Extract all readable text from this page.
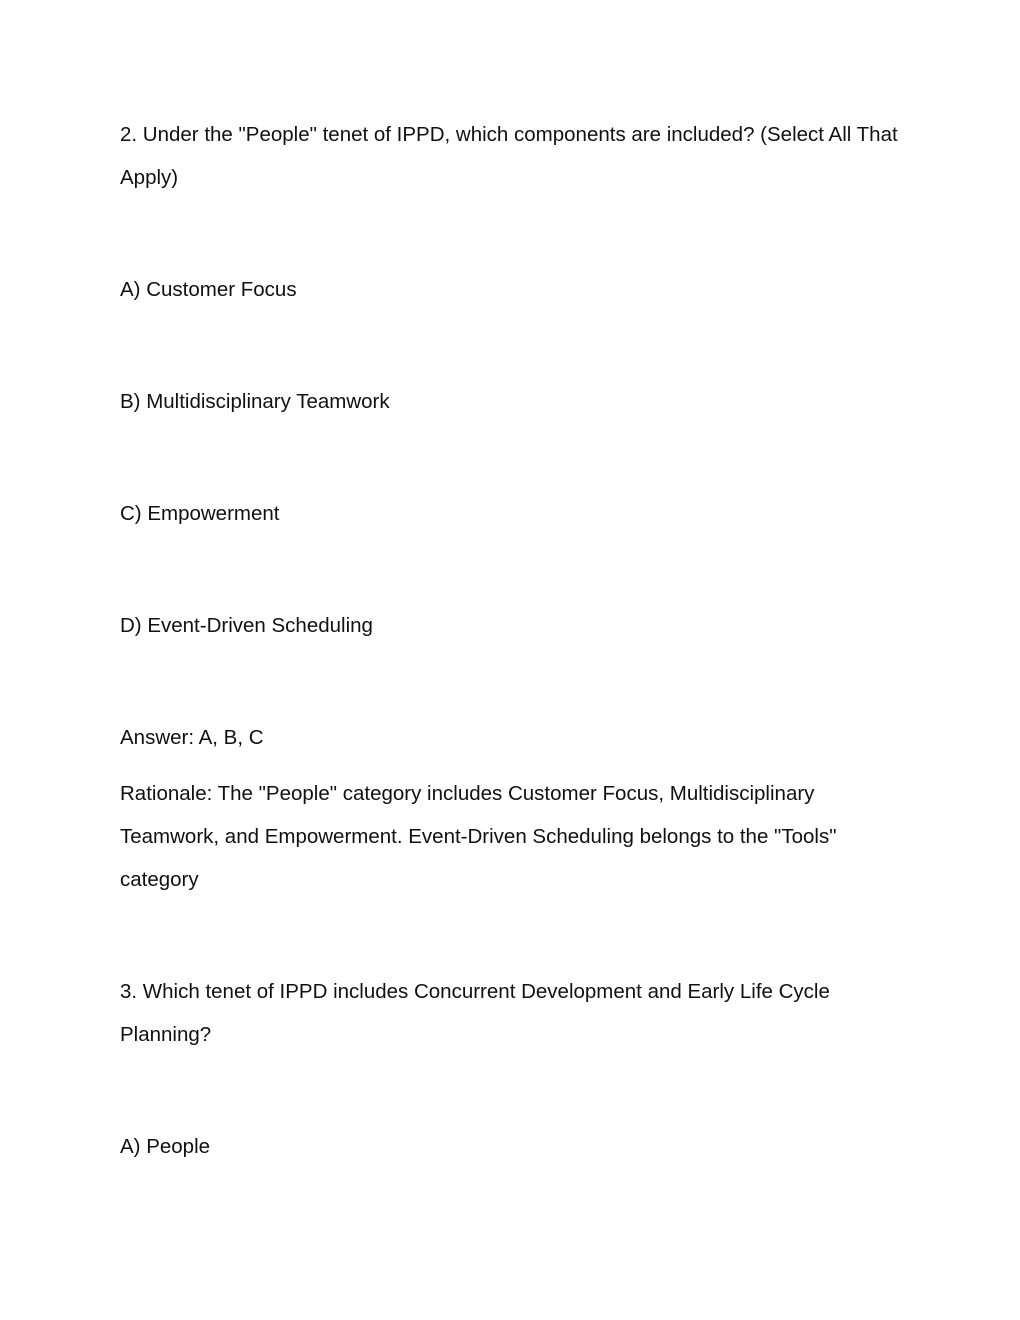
2. Under the "People" tenet of IPPD, which components are included? (Select All That Apply)
A) Customer Focus
B) Multidisciplinary Teamwork
C) Empowerment
D) Event-Driven Scheduling
Answer: A, B, C
Rationale: The "People" category includes Customer Focus, Multidisciplinary Teamwork, and Empowerment. Event-Driven Scheduling belongs to the "Tools" category
3. Which tenet of IPPD includes Concurrent Development and Early Life Cycle Planning?
A) People
